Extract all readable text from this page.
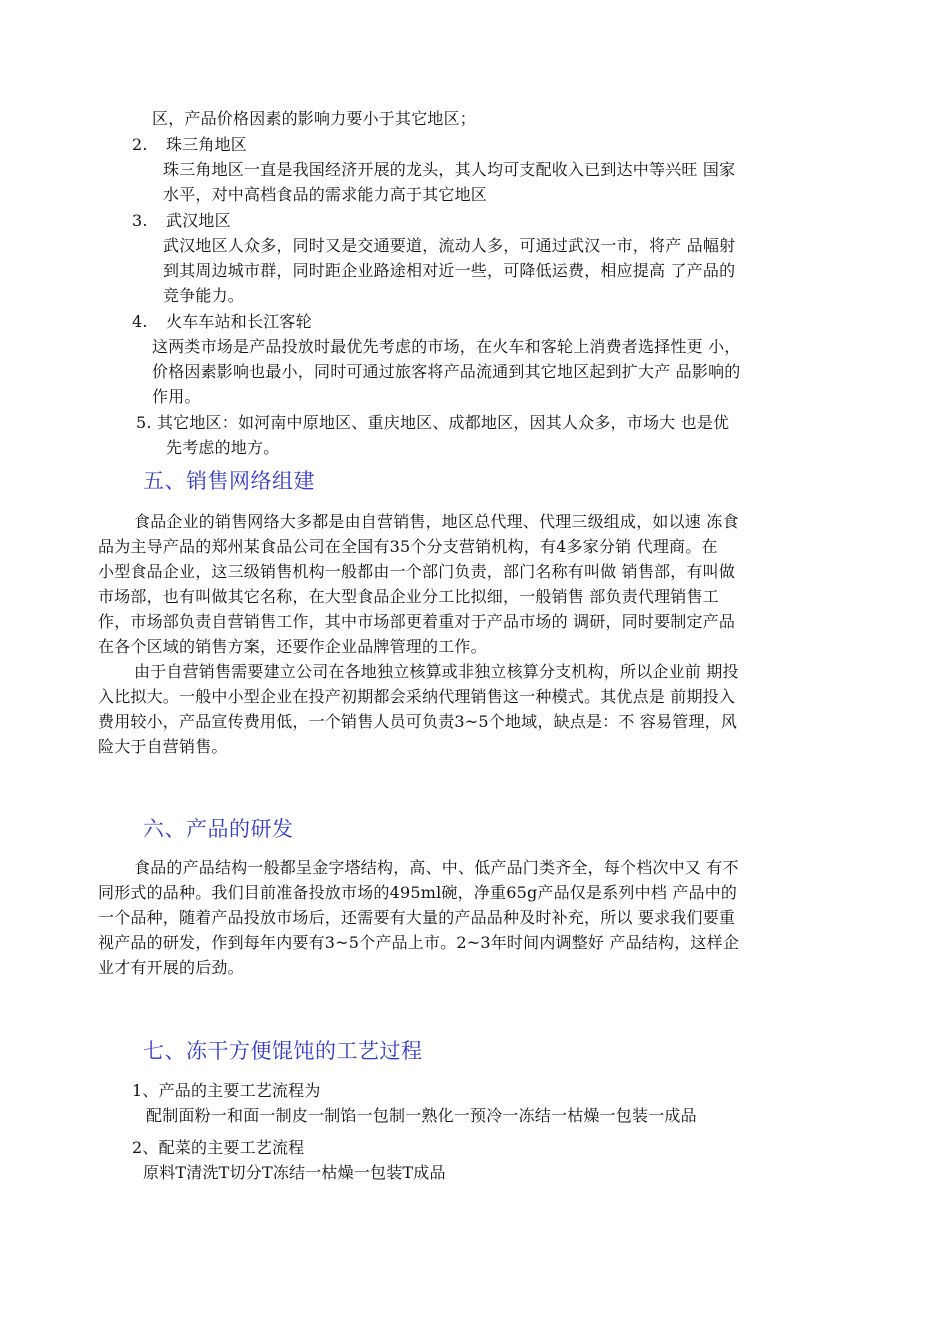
区，产品价格因素的影响力要小于其它地区；
2. 珠三角地区
珠三角地区一直是我国经济开展的龙头，其人均可支配收入已到达中等兴旺 国家
水平，对中高档食品的需求能力高于其它地区
3. 武汉地区
武汉地区人众多，同时又是交通要道，流动人多，可通过武汉一市，将产 品幅射
到其周边城市群，同时距企业路途相对近一些，可降低运费，相应提高 了产品的
竞争能力。
4. 火车车站和长江客轮
这两类市场是产品投放时最优先考虑的市场，在火车和客轮上消费者选择性更 小，
价格因素影响也最小，同时可通过旅客将产品流通到其它地区起到扩大产 品影响的
作用。
5. 其它地区：如河南中原地区、重庆地区、成都地区，因其人众多，市场大 也是优
先考虑的地方。
五、销售网络组建
食品企业的销售网络大多都是由自营销售，地区总代理、代理三级组成，如以速 冻食
品为主导产品的郑州某食品公司在全国有35个分支营销机构，有4多家分销 代理商。在
小型食品企业，这三级销售机构一般都由一个部门负责，部门名称有叫做 销售部，有叫做
市场部，也有叫做其它名称，在大型食品企业分工比拟细，一般销售 部负责代理销售工
作，市场部负责自营销售工作，其中市场部更着重对于产品市场的 调研，同时要制定产品
在各个区域的销售方案，还要作企业品牌管理的工作。
由于自营销售需要建立公司在各地独立核算或非独立核算分支机构，所以企业前 期投
入比拟大。一般中小型企业在投产初期都会采纳代理销售这一种模式。其优点是 前期投入
费用较小，产品宣传费用低，一个销售人员可负责3~5个地域，缺点是：不 容易管理，风
险大于自营销售。
六、产品的研发
食品的产品结构一般都呈金字塔结构，高、中、低产品门类齐全，每个档次中又 有不
同形式的品种。我们目前准备投放市场的495ml碗，净重65g产品仅是系列中档 产品中的
一个品种，随着产品投放市场后，还需要有大量的产品品种及时补充，所以 要求我们要重
视产品的研发，作到每年内要有3~5个产品上市。2~3年时间内调整好 产品结构，这样企
业才有开展的后劲。
七、冻干方便馄饨的工艺过程
1、产品的主要工艺流程为
配制面粉一和面一制皮一制馅一包制一熟化一预冷一冻结一枯燥一包装一成品
2、配菜的主要工艺流程
原料T清洗T切分T冻结一枯燥一包装T成品
